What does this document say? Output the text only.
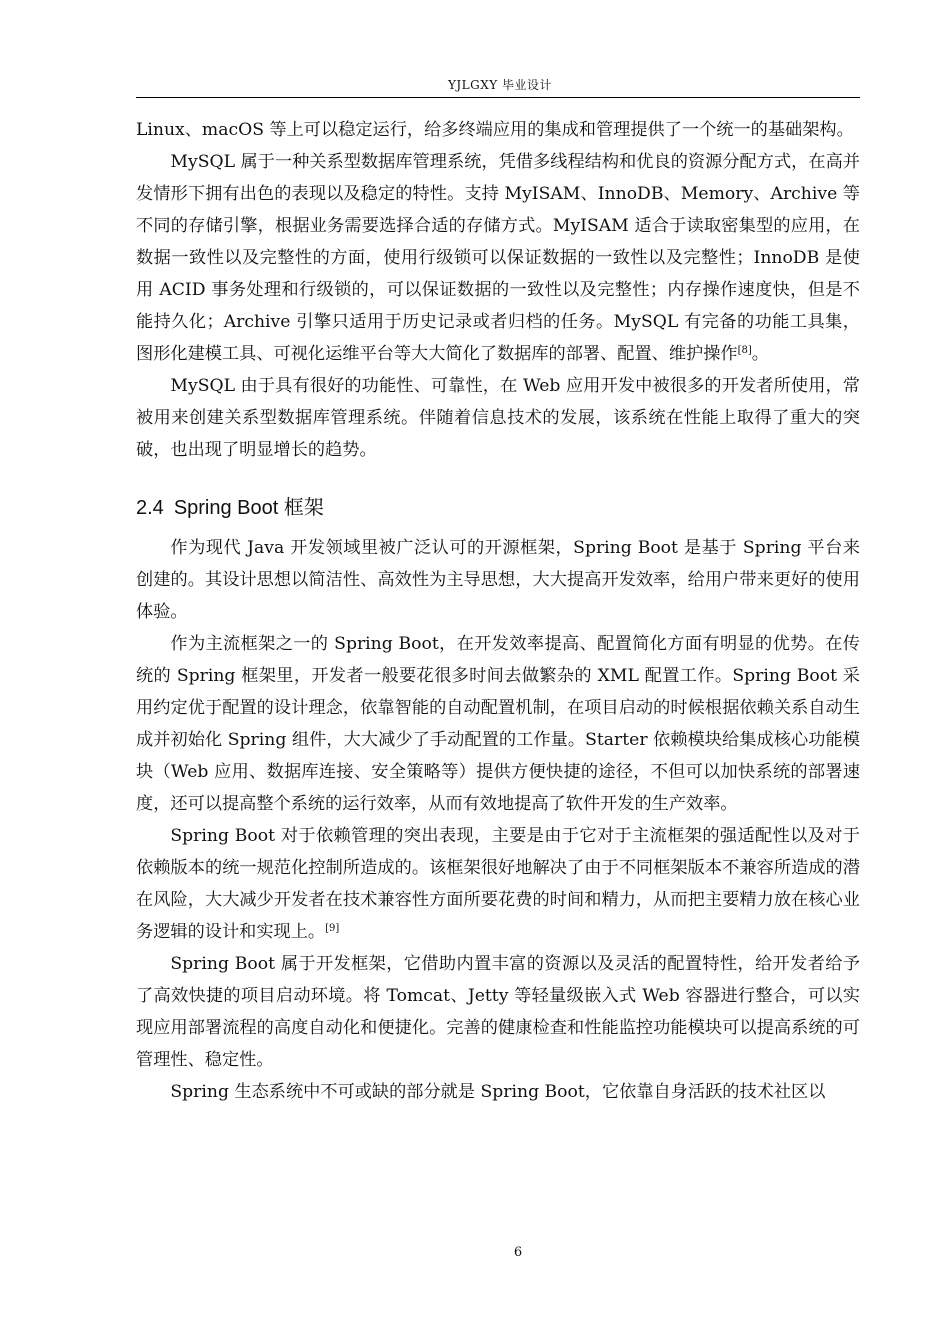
YJLGXY 毕业设计

Linux、macOS 等上可以稳定运行，给多终端应用的集成和管理提供了一个统一的基础架构。

MySQL 属于一种关系型数据库管理系统，凭借多线程结构和优良的资源分配方式，在高并发情形下拥有出色的表现以及稳定的特性。支持 MyISAM、InnoDB、Memory、Archive 等不同的存储引擎，根据业务需要选择合适的存储方式。MyISAM 适合于读取密集型的应用，在数据一致性以及完整性的方面，使用行级锁可以保证数据的一致性以及完整性；InnoDB 是使用 ACID 事务处理和行级锁的，可以保证数据的一致性以及完整性；内存操作速度快，但是不能持久化；Archive 引擎只适用于历史记录或者归档的任务。MySQL 有完备的功能工具集，图形化建模工具、可视化运维平台等大大简化了数据库的部署、配置、维护操作[8]。

MySQL 由于具有很好的功能性、可靠性，在 Web 应用开发中被很多的开发者所使用，常被用来创建关系型数据库管理系统。伴随着信息技术的发展，该系统在性能上取得了重大的突破，也出现了明显增长的趋势。

2.4 Spring Boot 框架

作为现代 Java 开发领域里被广泛认可的开源框架，Spring Boot 是基于 Spring 平台来创建的。其设计思想以简洁性、高效性为主导思想，大大提高开发效率，给用户带来更好的使用体验。

作为主流框架之一的 Spring Boot，在开发效率提高、配置简化方面有明显的优势。在传统的 Spring 框架里，开发者一般要花很多时间去做繁杂的 XML 配置工作。Spring Boot 采用约定优于配置的设计理念，依靠智能的自动配置机制，在项目启动的时候根据依赖关系自动生成并初始化 Spring 组件，大大减少了手动配置的工作量。Starter 依赖模块给集成核心功能模块（Web 应用、数据库连接、安全策略等）提供方便快捷的途径，不但可以加快系统的部署速度，还可以提高整个系统的运行效率，从而有效地提高了软件开发的生产效率。

Spring Boot 对于依赖管理的突出表现，主要是由于它对于主流框架的强适配性以及对于依赖版本的统一规范化控制所造成的。该框架很好地解决了由于不同框架版本不兼容所造成的潜在风险，大大减少开发者在技术兼容性方面所要花费的时间和精力，从而把主要精力放在核心业务逻辑的设计和实现上。[9]

Spring Boot 属于开发框架，它借助内置丰富的资源以及灵活的配置特性，给开发者给予了高效快捷的项目启动环境。将 Tomcat、Jetty 等轻量级嵌入式 Web 容器进行整合，可以实现应用部署流程的高度自动化和便捷化。完善的健康检查和性能监控功能模块可以提高系统的可管理性、稳定性。

Spring 生态系统中不可或缺的部分就是 Spring Boot，它依靠自身活跃的技术社区以

6
